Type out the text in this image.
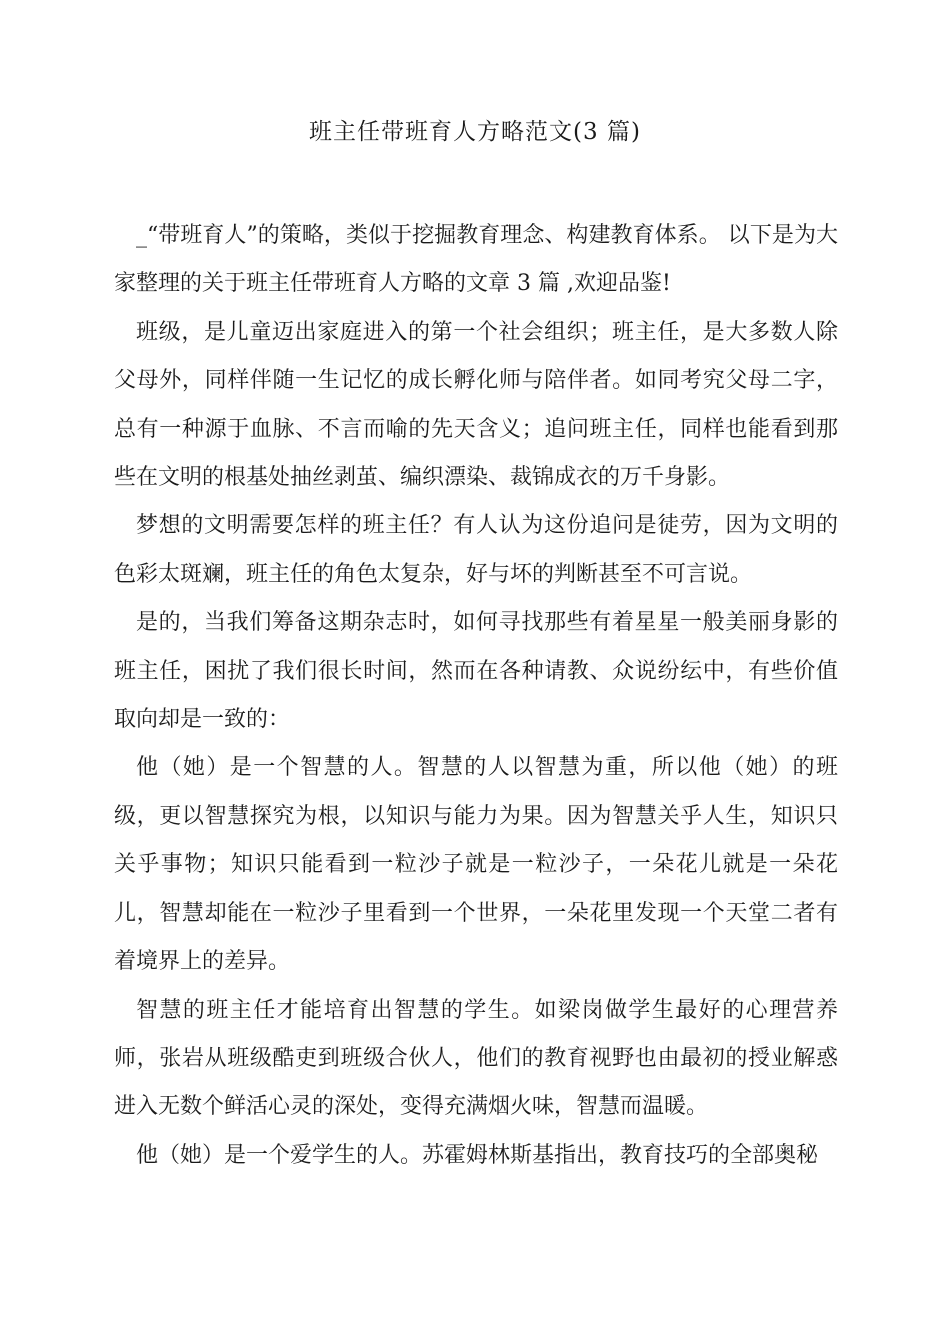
班主任带班育人方略范文(3 篇)

_“带班育人”的策略，类似于挖掘教育理念、构建教育体系。 以下是为大家整理的关于班主任带班育人方略的文章 3 篇 ,欢迎品鉴!

班级，是儿童迈出家庭进入的第一个社会组织；班主任，是大多数人除父母外，同样伴随一生记忆的成长孵化师与陪伴者。如同考究父母二字，总有一种源于血脉、不言而喻的先天含义；追问班主任，同样也能看到那些在文明的根基处抽丝剥茧、编织漂染、裁锦成衣的万千身影。

梦想的文明需要怎样的班主任？有人认为这份追问是徒劳，因为文明的色彩太斑斓，班主任的角色太复杂，好与坏的判断甚至不可言说。

是的，当我们筹备这期杂志时，如何寻找那些有着星星一般美丽身影的班主任，困扰了我们很长时间，然而在各种请教、众说纷纭中，有些价值取向却是一致的：

他（她）是一个智慧的人。智慧的人以智慧为重，所以他（她）的班级，更以智慧探究为根，以知识与能力为果。因为智慧关乎人生，知识只关乎事物；知识只能看到一粒沙子就是一粒沙子，一朵花儿就是一朵花儿，智慧却能在一粒沙子里看到一个世界，一朵花里发现一个天堂二者有着境界上的差异。

智慧的班主任才能培育出智慧的学生。如梁岗做学生最好的心理营养师，张岩从班级酷吏到班级合伙人，他们的教育视野也由最初的授业解惑进入无数个鲜活心灵的深处，变得充满烟火味，智慧而温暖。

他（她）是一个爱学生的人。苏霍姆林斯基指出，教育技巧的全部奥秘
